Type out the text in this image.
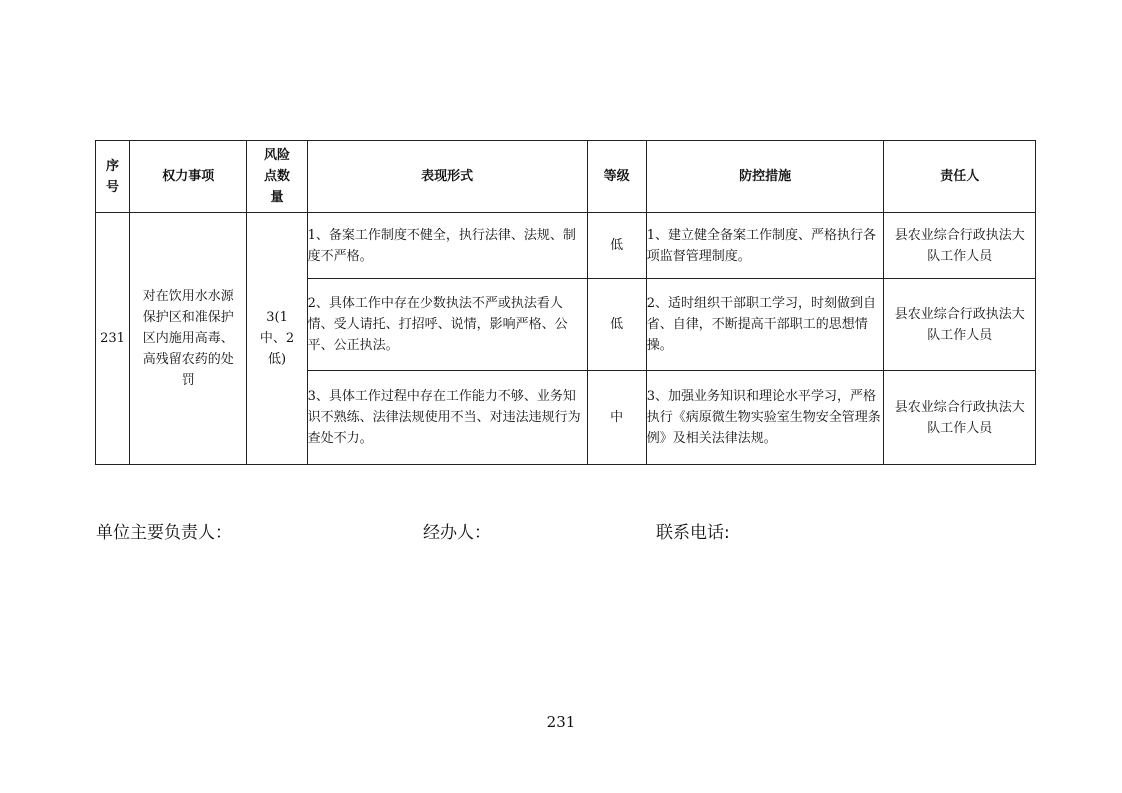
序号	权力事项	风险点数量	表现形式	等级	防控措施	责任人
231	对在饮用水水源保护区和准保护区内施用高毒、高残留农药的处罚	3(1 中、2 低)	1、备案工作制度不健全，执行法律、法规、制度不严格。	低	1、建立健全备案工作制度、严格执行各项监督管理制度。	县农业综合行政执法大队工作人员
			2、具体工作中存在少数执法不严或执法看人情、受人请托、打招呼、说情，影响严格、公平、公正执法。	低	2、适时组织干部职工学习，时刻做到自省、自律，不断提高干部职工的思想情操。	县农业综合行政执法大队工作人员
			3、具体工作过程中存在工作能力不够、业务知识不熟练、法律法规使用不当、对违法违规行为查处不力。	中	3、加强业务知识和理论水平学习，严格执行《病原微生物实验室生物安全管理条例》及相关法律法规。	县农业综合行政执法大队工作人员
单位主要负责人：	经办人：	联系电话:
231
